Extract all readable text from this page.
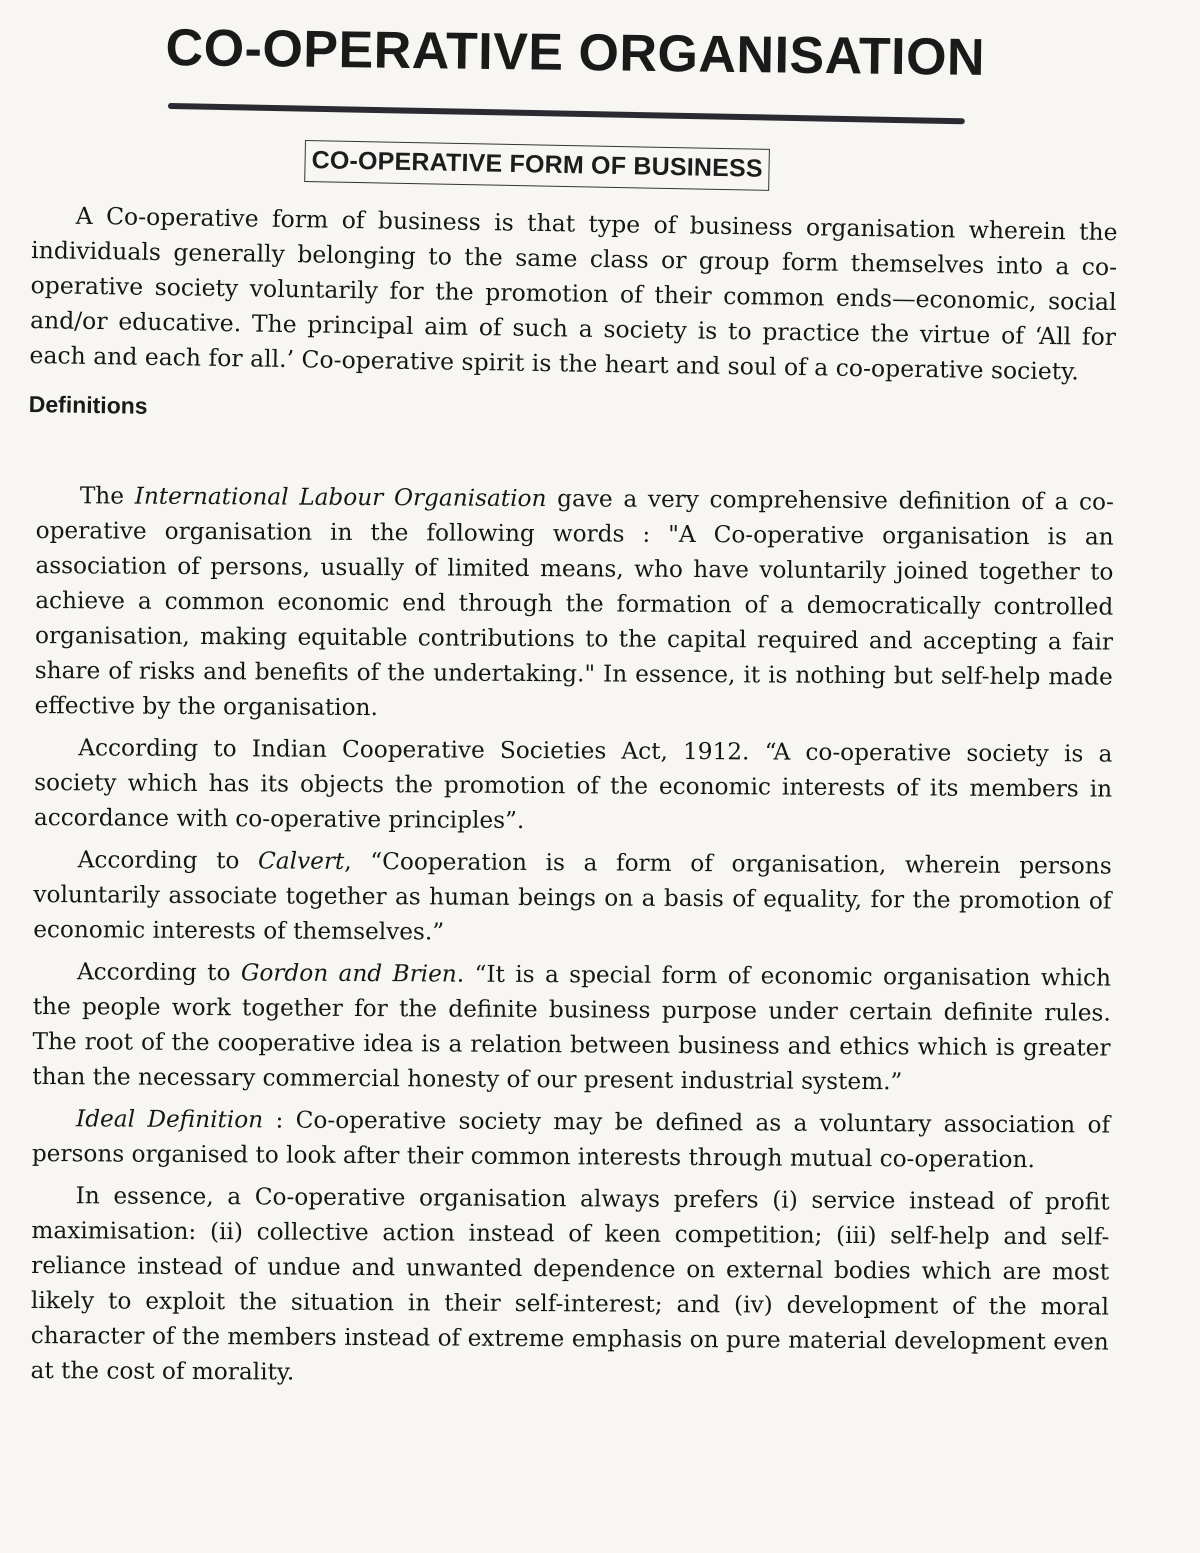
CO-OPERATIVE ORGANISATION
CO-OPERATIVE FORM OF BUSINESS

A Co-operative form of business is that type of business organisation wherein the individuals generally belonging to the same class or group form themselves into a co-operative society voluntarily for the promotion of their common ends—economic, social and/or educative. The principal aim of such a society is to practice the virtue of ‘All for each and each for all.’ Co-operative spirit is the heart and soul of a co-operative society.

Definitions

The International Labour Organisation gave a very comprehensive definition of a co-operative organisation in the following words : "A Co-operative organisation is an association of persons, usually of limited means, who have voluntarily joined together to achieve a common economic end through the formation of a democratically controlled organisation, making equitable contributions to the capital required and accepting a fair share of risks and benefits of the undertaking." In essence, it is nothing but self-help made effective by the organisation.

According to Indian Cooperative Societies Act, 1912. “A co-operative society is a society which has its objects the promotion of the economic interests of its members in accordance with co-operative principles”.

According to Calvert, “Cooperation is a form of organisation, wherein persons voluntarily associate together as human beings on a basis of equality, for the promotion of economic interests of themselves.”

According to Gordon and Brien. “It is a special form of economic organisation which the people work together for the definite business purpose under certain definite rules. The root of the cooperative idea is a relation between business and ethics which is greater than the necessary commercial honesty of our present industrial system.”

Ideal Definition : Co-operative society may be defined as a voluntary association of persons organised to look after their common interests through mutual co-operation.

In essence, a Co-operative organisation always prefers (i) service instead of profit maximisation: (ii) collective action instead of keen competition; (iii) self-help and self-reliance instead of undue and unwanted dependence on external bodies which are most likely to exploit the situation in their self-interest; and (iv) development of the moral character of the members instead of extreme emphasis on pure material development even at the cost of morality.
